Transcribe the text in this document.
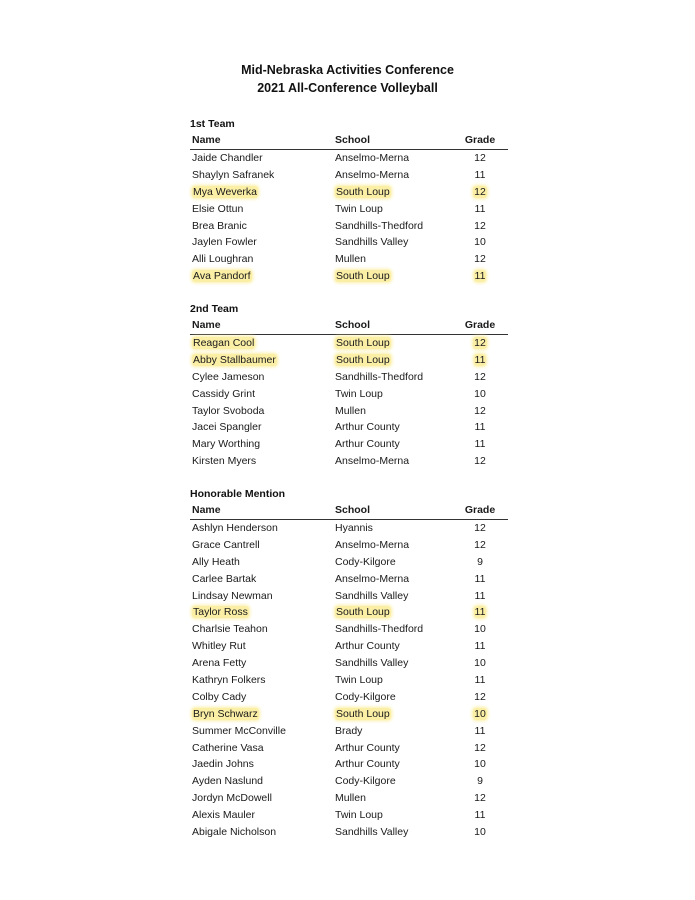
Mid-Nebraska Activities Conference
2021 All-Conference Volleyball
1st Team
Name	School	Grade
Jaide Chandler	Anselmo-Merna	12
Shaylyn Safranek	Anselmo-Merna	11
Mya Weverka	South Loup	12
Elsie Ottun	Twin Loup	11
Brea Branic	Sandhills-Thedford	12
Jaylen Fowler	Sandhills Valley	10
Alli Loughran	Mullen	12
Ava Pandorf	South Loup	11
2nd Team
Name	School	Grade
Reagan Cool	South Loup	12
Abby Stallbaumer	South Loup	11
Cylee Jameson	Sandhills-Thedford	12
Cassidy Grint	Twin Loup	10
Taylor Svoboda	Mullen	12
Jacei Spangler	Arthur County	11
Mary Worthing	Arthur County	11
Kirsten Myers	Anselmo-Merna	12
Honorable Mention
Name	School	Grade
Ashlyn Henderson	Hyannis	12
Grace Cantrell	Anselmo-Merna	12
Ally Heath	Cody-Kilgore	9
Carlee Bartak	Anselmo-Merna	11
Lindsay Newman	Sandhills Valley	11
Taylor Ross	South Loup	11
Charlsie Teahon	Sandhills-Thedford	10
Whitley Rut	Arthur County	11
Arena Fetty	Sandhills Valley	10
Kathryn Folkers	Twin Loup	11
Colby Cady	Cody-Kilgore	12
Bryn Schwarz	South Loup	10
Summer McConville	Brady	11
Catherine Vasa	Arthur County	12
Jaedin Johns	Arthur County	10
Ayden Naslund	Cody-Kilgore	9
Jordyn McDowell	Mullen	12
Alexis Mauler	Twin Loup	11
Abigale Nicholson	Sandhills Valley	10
